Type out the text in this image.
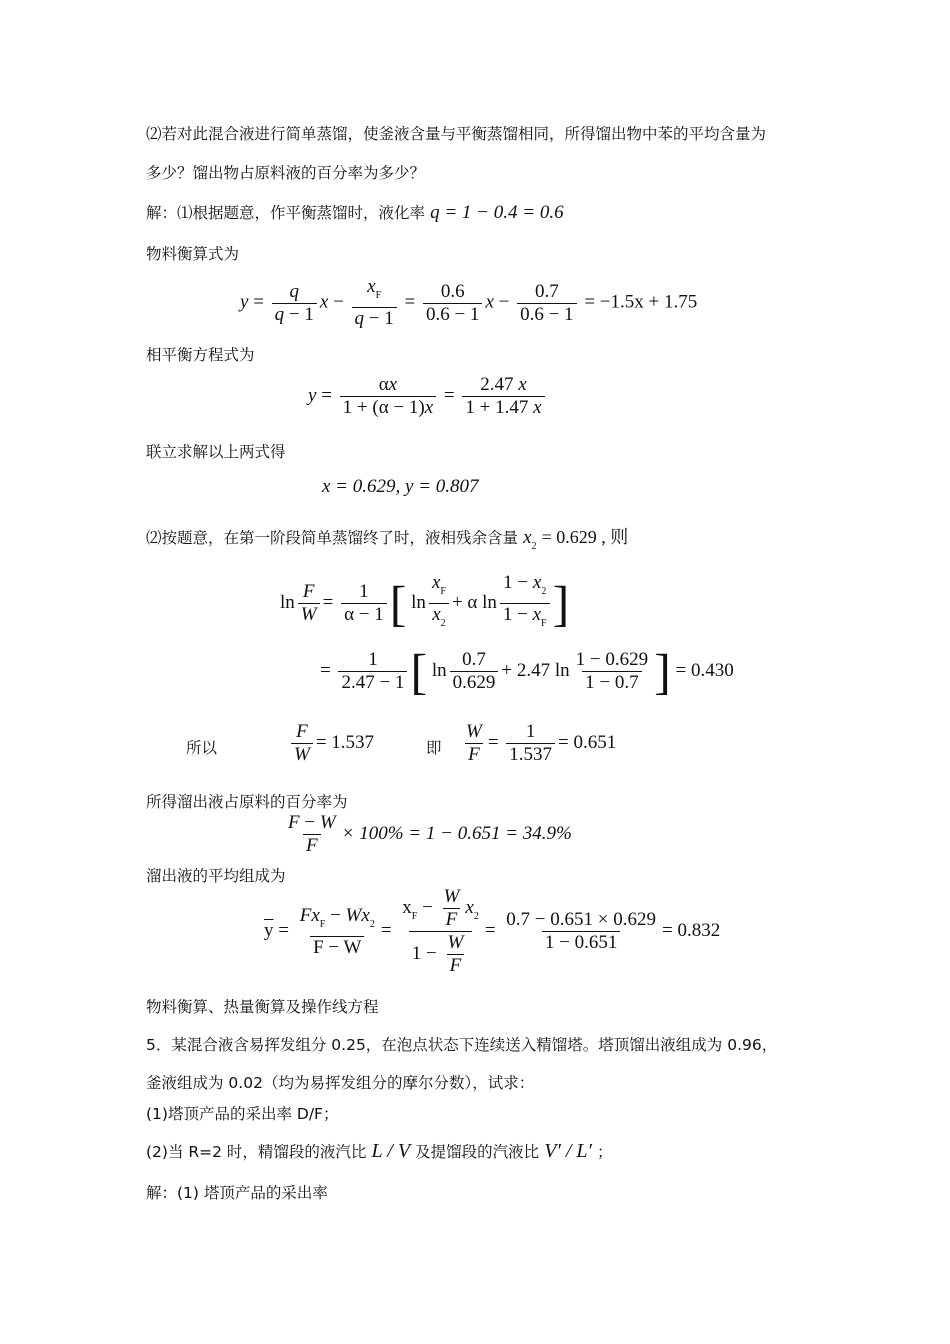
⑵若对此混合液进行简单蒸馏，使釜液含量与平衡蒸馏相同，所得馏出物中苯的平均含量为
多少？馏出物占原料液的百分率为多少？
解：⑴根据题意，作平衡蒸馏时，液化率 q = 1 − 0.4 = 0.6
物料衡算式为
$y = \frac{q}{q - 1}$ $x - \frac{x_F}{q - 1} = \frac{0.6}{0.6 - 1}$ $x - \frac{0.7}{0.6 - 1} = -1.5x + 1.75$
相平衡方程式为
$y = \frac{\alpha x}{1 + (\alpha - 1)x} = \frac{2.47 x}{1 + 1.47 x}$
联立求解以上两式得
x = 0.629, y = 0.807
⑵按题意，在第一阶段简单蒸馏终了时，液相残余含量 $x_2 = 0.629$ , 则
$\ln \frac{F}{W} = \frac{1}{\alpha - 1}$ [ $\ln \frac{x_F}{x_2} + \alpha$ $\ln \frac{1 - x_2}{1 - x_F}$ ]
= $\frac{1}{2.47 - 1}$ [ $\ln \frac{0.7}{0.629} + 2.47$ $\ln \frac{1 - 0.629}{1 - 0.7}$ ] = 0.430
所以	$\frac{F}{W} = 1.537$	即 $\frac{W}{F} = \frac{1}{1.537} = 0.651$
所得溜出液占原料的百分率为
$\frac{F - W}{F} \times 100\% = 1 - 0.651 = 34.9\%$
溜出液的平均组成为
$\overline{y} = \frac{Fx_F - Wx_2}{F - W} = \frac{x_F - \frac{W}{F} x_2}{1 - \frac{W}{F}} = \frac{0.7 - 0.651 \times 0.629}{1 - 0.651} = 0.832$
物料衡算、热量衡算及操作线方程
5．某混合液含易挥发组分 0.25，在泡点状态下连续送入精馏塔。塔顶馏出液组成为 0.96，
釜液组成为 0.02（均为易挥发组分的摩尔分数），试求：
(1)塔顶产品的采出率 D/F；
(2)当 R=2 时，精馏段的液汽比 L / V 及提馏段的汽液比 V′ / L′ ；
解：(1) 塔顶产品的采出率
